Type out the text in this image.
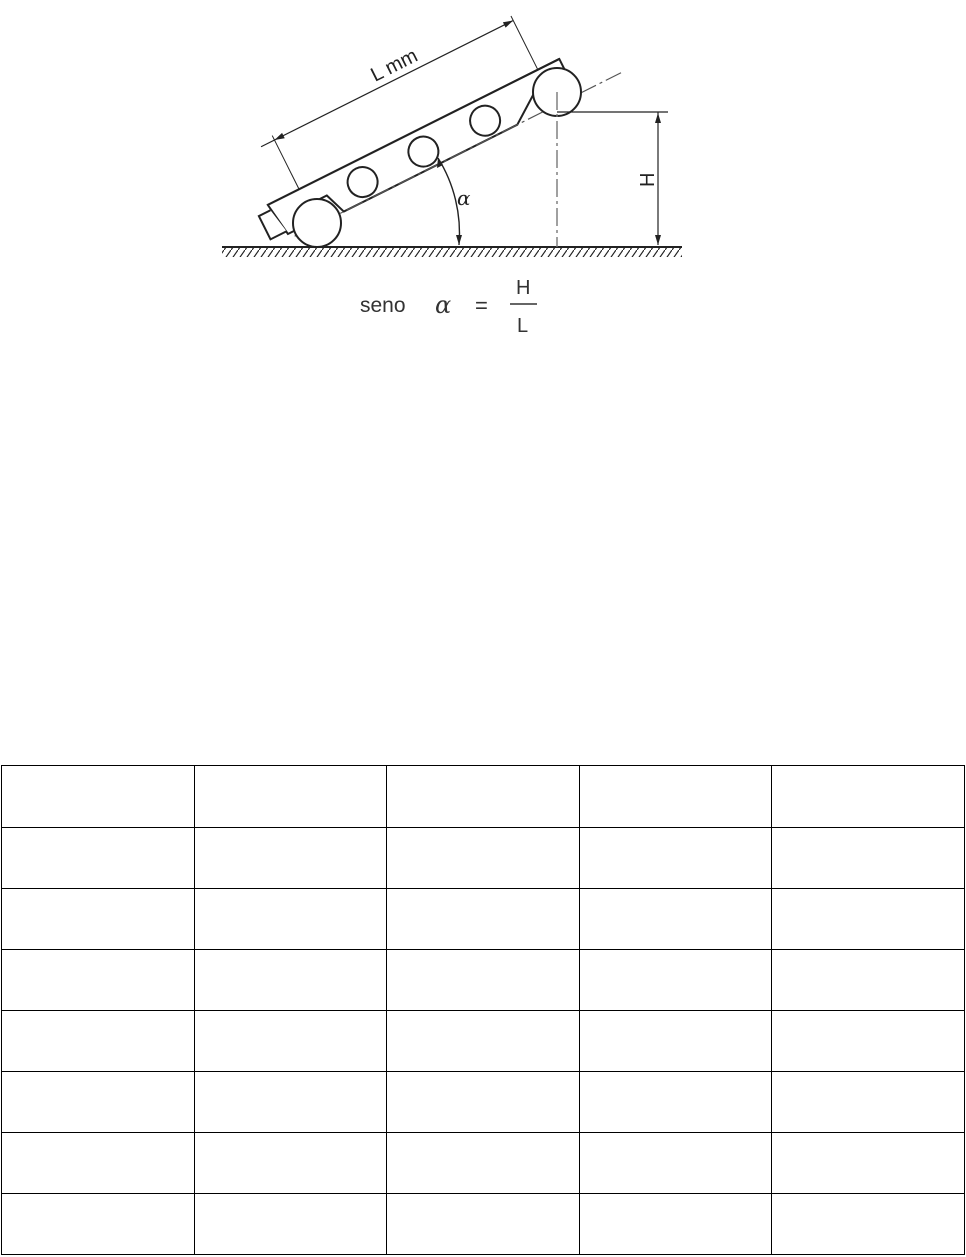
L mm
H
α
seno α =
H
L
